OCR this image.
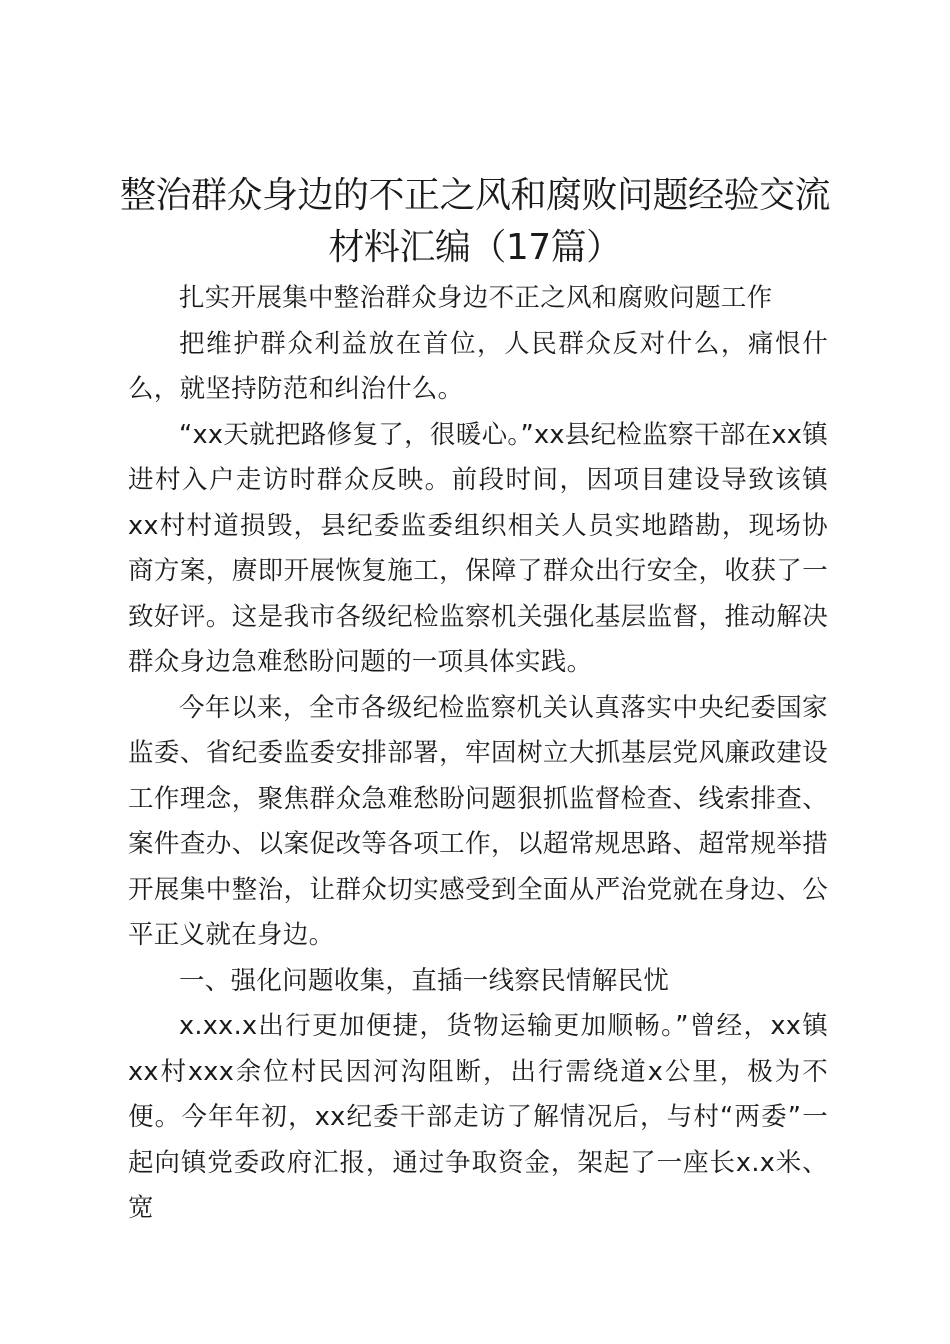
整治群众身边的不正之风和腐败问题经验交流
材料汇编（17篇）

扎实开展集中整治群众身边不正之风和腐败问题工作

把维护群众利益放在首位，人民群众反对什么，痛恨什么，就坚持防范和纠治什么。

“xx天就把路修复了，很暖心。”xx县纪检监察干部在xx镇进村入户走访时群众反映。前段时间，因项目建设导致该镇xx村村道损毁，县纪委监委组织相关人员实地踏勘，现场协商方案，赓即开展恢复施工，保障了群众出行安全，收获了一致好评。这是我市各级纪检监察机关强化基层监督，推动解决群众身边急难愁盼问题的一项具体实践。

今年以来，全市各级纪检监察机关认真落实中央纪委国家监委、省纪委监委安排部署，牢固树立大抓基层党风廉政建设工作理念，聚焦群众急难愁盼问题狠抓监督检查、线索排查、案件查办、以案促改等各项工作，以超常规思路、超常规举措开展集中整治，让群众切实感受到全面从严治党就在身边、公平正义就在身边。

一、强化问题收集，直插一线察民情解民忧

x.xx.x出行更加便捷，货物运输更加顺畅。”曾经，xx镇xx村xxx余位村民因河沟阻断，出行需绕道x公里，极为不便。今年年初，xx纪委干部走访了解情况后，与村“两委”一起向镇党委政府汇报，通过争取资金，架起了一座长x.x米、宽
